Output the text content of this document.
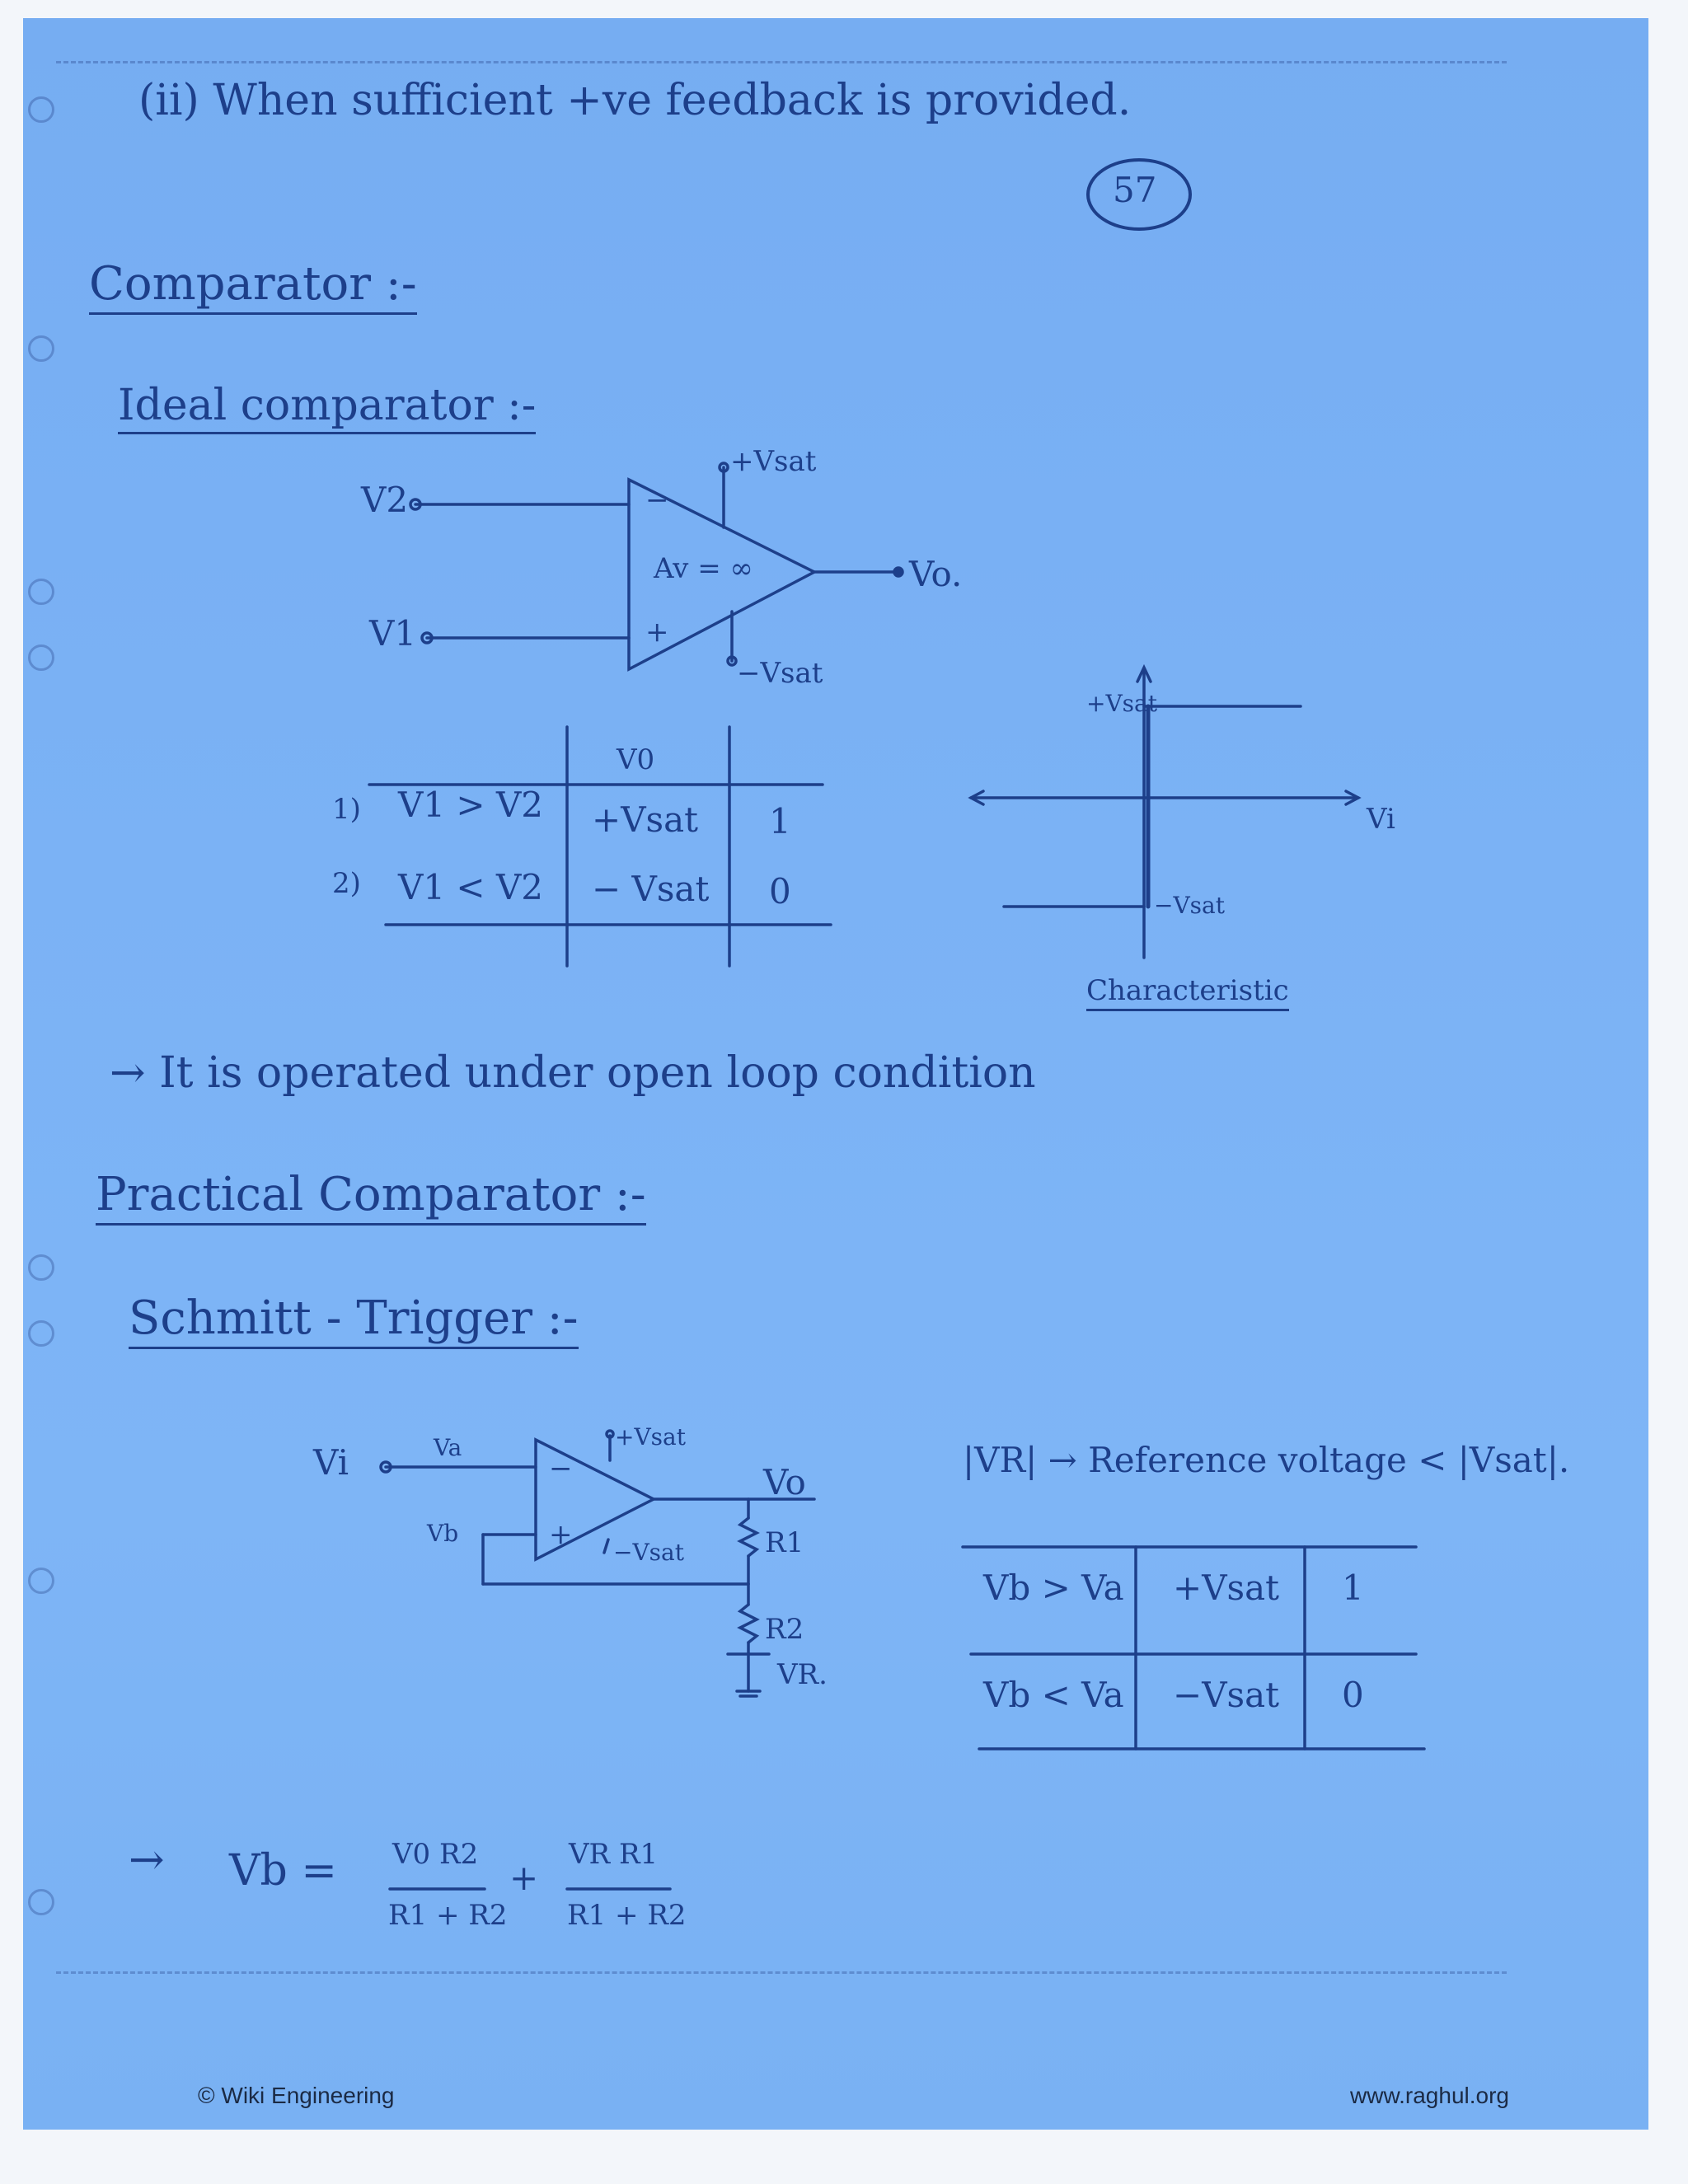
(ii) When sufficient +ve feedback is provided.
57
Comparator :-
Ideal comparator :-
V2
V1
−
+
Av = ∞
+Vsat
−Vsat
Vo.
V0
1) V1 > V2 +Vsat 1
2) V1 < V2 − Vsat 0
+Vsat
−Vsat
Vi
Characteristic
→ It is operated under open loop condition
Practical Comparator :-
Schmitt - Trigger :-
Vi	Va
Vb
−
+
+Vsat
−Vsat
Vo
R1
R2
VR.
|VR| → Reference voltage < |Vsat|.
Vb > Va +Vsat 1
Vb < Va −Vsat 0
→ Vb = V0 R2
R1 + R2
+
VR R1
R1 + R2
© Wiki Engineering	www.raghul.org
